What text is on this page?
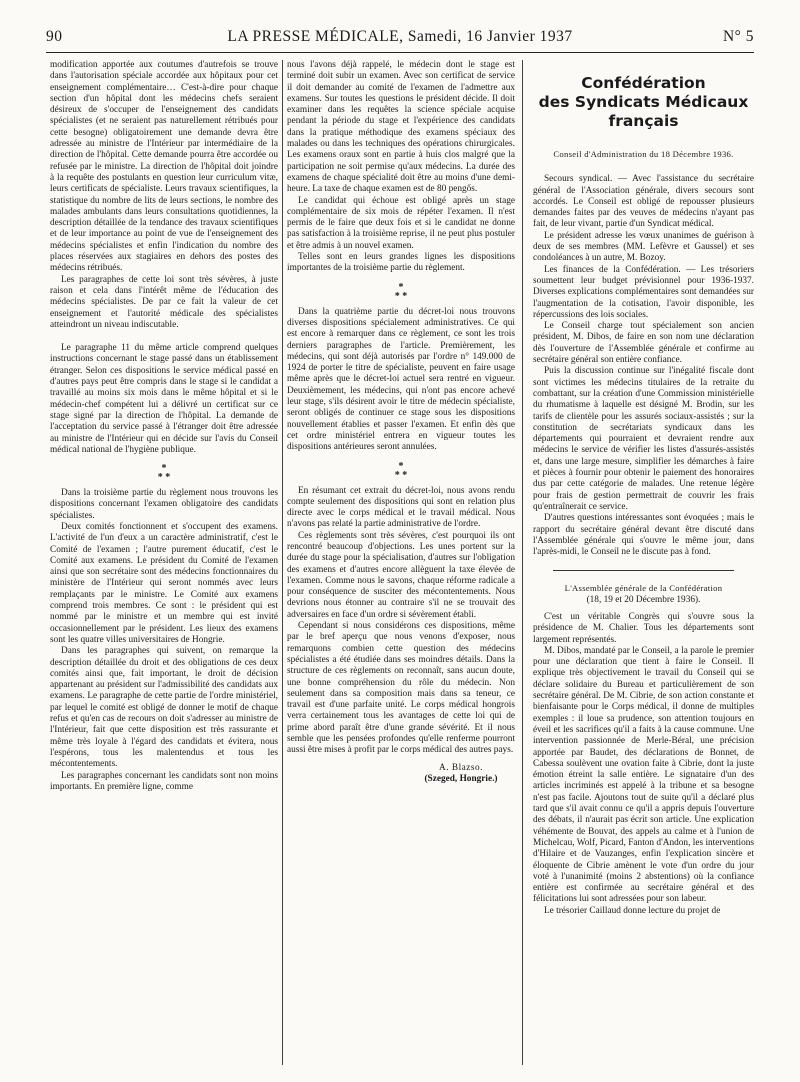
90	LA PRESSE MÉDICALE, Samedi, 16 Janvier 1937	N° 5

modification apportée aux coutumes d'autrefois se trouve dans l'autorisation spéciale accordée aux hôpitaux pour cet enseignement complémentaire… C'est-à-dire pour chaque section d'un hôpital dont les médecins chefs seraient désireux de s'occuper de l'enseignement des candidats spécialistes (et ne seraient pas naturellement rétribués pour cette besogne) obligatoirement une demande devra être adressée au ministre de l'Intérieur par intermédiaire de la direction de l'hôpital. Cette demande pourra être accordée ou refusée par le ministre. La direction de l'hôpital doit joindre à la requête des postulants en question leur curriculum vitæ, leurs certificats de spécialiste. Leurs travaux scientifiques, la statistique du nombre de lits de leurs sections, le nombre des malades ambulants dans leurs consultations quotidiennes, la description détaillée de la tendance des travaux scientifiques et de leur importance au point de vue de l'enseignement des médecins spécialistes et enfin l'indication du nombre des places réservées aux stagiaires en dehors des postes des médecins rétribués.

Les paragraphes de cette loi sont très sévères, à juste raison et cela dans l'intérêt même de l'éducation des médecins spécialistes. De par ce fait la valeur de cet enseignement et l'autorité médicale des spécialistes atteindront un niveau indiscutable.

Le paragraphe 11 du même article comprend quelques instructions concernant le stage passé dans un établissement étranger. Selon ces dispositions le service médical passé en d'autres pays peut être compris dans le stage si le candidat a travaillé au moins six mois dans le même hôpital et si le médecin-chef compétent lui a délivré un certificat sur ce stage signé par la direction de l'hôpital. La demande de l'acceptation du service passé à l'étranger doit être adressée au ministre de l'Intérieur qui en décide sur l'avis du Conseil médical national de l'hygiène publique.

*
* *

Dans la troisième partie du règlement nous trouvons les dispositions concernant l'examen obligatoire des candidats spécialistes.

Deux comités fonctionnent et s'occupent des examens. L'activité de l'un d'eux a un caractère administratif, c'est le Comité de l'examen ; l'autre purement éducatif, c'est le Comité aux examens. Le président du Comité de l'examen ainsi que son secrétaire sont des médecins fonctionnaires du ministère de l'Intérieur qui seront nommés avec leurs remplaçants par le ministre. Le Comité aux examens comprend trois membres. Ce sont : le président qui est nommé par le ministre et un membre qui est invité occasionnellement par le président. Les lieux des examens sont les quatre villes universitaires de Hongrie.

Dans les paragraphes qui suivent, on remarque la description détaillée du droit et des obligations de ces deux comités ainsi que, fait important, le droit de décision appartenant au président sur l'admissibilité des candidats aux examens. Le paragraphe de cette partie de l'ordre ministériel, par lequel le comité est obligé de donner le motif de chaque refus et qu'en cas de recours on doit s'adresser au ministre de l'Intérieur, fait que cette disposition est très rassurante et même très loyale à l'égard des candidats et évitera, nous l'espérons, tous les malentendus et tous les mécontentements.

Les paragraphes concernant les candidats sont non moins importants. En première ligne, comme

nous l'avons déjà rappelé, le médecin dont le stage est terminé doit subir un examen. Avec son certificat de service il doit demander au comité de l'examen de l'admettre aux examens. Sur toutes les questions le président décide. Il doit examiner dans les requêtes la science spéciale acquise pendant la période du stage et l'expérience des candidats dans la pratique méthodique des examens spéciaux des malades ou dans les techniques des opérations chirurgicales. Les examens oraux sont en partie à huis clos malgré que la participation ne soit permise qu'aux médecins. La durée des examens de chaque spécialité doit être au moins d'une demi-heure. La taxe de chaque examen est de 80 pengős.

Le candidat qui échoue est obligé après un stage complémentaire de six mois de répéter l'examen. Il n'est permis de le faire que deux fois et si le candidat ne donne pas satisfaction à la troisième reprise, il ne peut plus postuler et être admis à un nouvel examen.

Telles sont en leurs grandes lignes les dispositions importantes de la troisième partie du règlement.

*
* *

Dans la quatrième partie du décret-loi nous trouvons diverses dispositions spécialement administratives. Ce qui est encore à remarquer dans ce règlement, ce sont les trois derniers paragraphes de l'article. Premièrement, les médecins, qui sont déjà autorisés par l'ordre n° 149.000 de 1924 de porter le titre de spécialiste, peuvent en faire usage même après que le décret-loi actuel sera rentré en vigueur. Deuxièmement, les médecins, qui n'ont pas encore achevé leur stage, s'ils désirent avoir le titre de médecin spécialiste, seront obligés de continuer ce stage sous les dispositions nouvellement établies et passer l'examen. Et enfin dès que cet ordre ministériel entrera en vigueur toutes les dispositions antérieures seront annulées.

*
* *

En résumant cet extrait du décret-loi, nous avons rendu compte seulement des dispositions qui sont en relation plus directe avec le corps médical et le travail médical. Nous n'avons pas relaté la partie administrative de l'ordre.

Ces règlements sont très sévères, c'est pourquoi ils ont rencontré beaucoup d'objections. Les unes portent sur la durée du stage pour la spécialisation, d'autres sur l'obligation des examens et d'autres encore allèguent la taxe élevée de l'examen. Comme nous le savons, chaque réforme radicale a pour conséquence de susciter des mécontentements. Nous devrions nous étonner au contraire s'il ne se trouvait des adversaires en face d'un ordre si sévèrement établi.

Cependant si nous considérons ces dispositions, même par le bref aperçu que nous venons d'exposer, nous remarquons combien cette question des médecins spécialistes a été étudiée dans ses moindres détails. Dans la structure de ces règlements on reconnaît, sans aucun doute, une bonne compréhension du rôle du médecin. Non seulement dans sa composition mais dans sa teneur, ce travail est d'une parfaite unité. Le corps médical hongrois verra certainement tous les avantages de cette loi qui de prime abord paraît être d'une grande sévérité. Et il nous semble que les pensées profondes qu'elle renferme pourront aussi être mises à profit par le corps médical des autres pays.

A. Blazso.
(Szeged, Hongrie.)
Confédération
des Syndicats Médicaux
français
Conseil d'Administration du 18 Décembre 1936.

Secours syndical. — Avec l'assistance du secrétaire général de l'Association générale, divers secours sont accordés. Le Conseil est obligé de repousser plusieurs demandes faites par des veuves de médecins n'ayant pas fait, de leur vivant, partie d'un Syndicat médical.

Le président adresse les vœux unanimes de guérison à deux de ses membres (MM. Lefèvre et Gaussel) et ses condoléances à un autre, M. Bozoy.

Les finances de la Confédération. — Les trésoriers soumettent leur budget prévisionnel pour 1936-1937. Diverses explications complémentaires sont demandées sur l'augmentation de la cotisation, l'avoir disponible, les répercussions des lois sociales.

Le Conseil charge tout spécialement son ancien président, M. Dibos, de faire en son nom une déclaration dès l'ouverture de l'Assemblée générale et confirme au secrétaire général son entière confiance.

Puis la discussion continue sur l'inégalité fiscale dont sont victimes les médecins titulaires de la retraite du combattant, sur la création d'une Commission ministérielle du rhumatisme à laquelle est désigné M. Brodin, sur les tarifs de clientèle pour les assurés sociaux-assistés ; sur la constitution de secrétariats syndicaux dans les départements qui pourraient et devraient rendre aux médecins le service de vérifier les listes d'assurés-assistés et, dans une large mesure, simplifier les démarches à faire et pièces à fournir pour obtenir le paiement des honoraires dus par cette catégorie de malades. Une retenue légère pour frais de gestion permettrait de couvrir les frais qu'entraînerait ce service.

D'autres questions intéressantes sont évoquées ; mais le rapport du secrétaire général devant être discuté dans l'Assemblée générale qui s'ouvre le même jour, dans l'après-midi, le Conseil ne le discute pas à fond.

L'Assemblée générale de la Confédération
(18, 19 et 20 Décembre 1936).

C'est un véritable Congrès qui s'ouvre sous la présidence de M. Chalier. Tous les départements sont largement représentés.

M. Dibos, mandaté par le Conseil, a la parole le premier pour une déclaration que tient à faire le Conseil. Il explique très objectivement le travail du Conseil qui se déclare solidaire du Bureau et particulièrement de son secrétaire général. De M. Cibrie, de son action constante et bienfaisante pour le Corps médical, il donne de multiples exemples : il loue sa prudence, son attention toujours en éveil et les sacrifices qu'il a faits à la cause commune. Une intervention passionnée de Merle-Béral, une précision apportée par Baudet, des déclarations de Bonnet, de Cabessa soulèvent une ovation faite à Cibrie, dont la juste émotion étreint la salle entière. Le signataire d'un des articles incriminés est appelé à la tribune et sa besogne n'est pas facile. Ajoutons tout de suite qu'il a déclaré plus tard que s'il avait connu ce qu'il a appris depuis l'ouverture des débats, il n'aurait pas écrit son article. Une explication véhémente de Bouvat, des appels au calme et à l'union de Michelcau, Wolf, Picard, Fanton d'Andon, les interventions d'Hilaire et de Vauzanges, enfin l'explication sincère et éloquente de Cibrie amènent le vote d'un ordre du jour voté à l'unanimité (moins 2 abstentions) où la confiance entière est confirmée au secrétaire général et des félicitations lui sont adressées pour son labeur.

Le trésorier Caillaud donne lecture du projet de
